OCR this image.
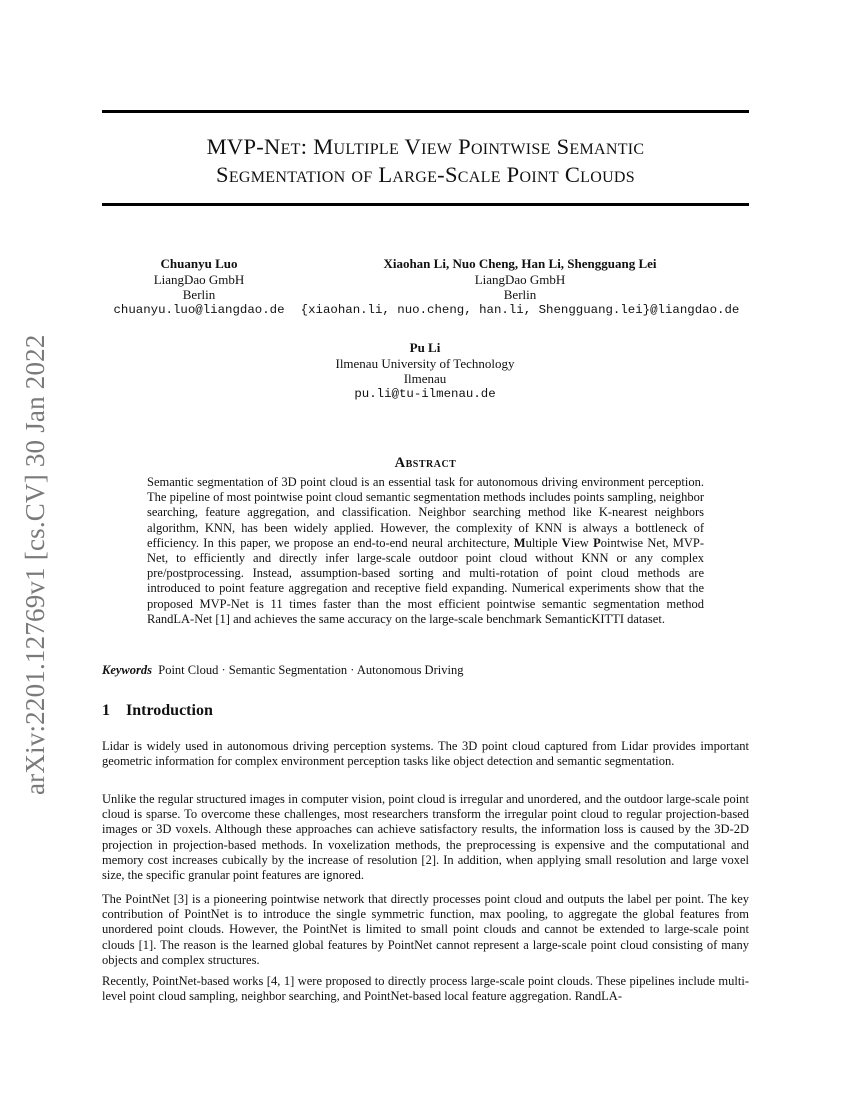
arXiv:2201.12769v1 [cs.CV] 30 Jan 2022
MVP-Net: Multiple View Pointwise Semantic
Segmentation of Large-Scale Point Clouds
Chuanyu Luo
LiangDao GmbH
Berlin
chuanyu.luo@liangdao.de
Xiaohan Li, Nuo Cheng, Han Li, Shengguang Lei
LiangDao GmbH
Berlin
{xiaohan.li, nuo.cheng, han.li, Shengguang.lei}@liangdao.de
Pu Li
Ilmenau University of Technology
Ilmenau
pu.li@tu-ilmenau.de
Abstract
Semantic segmentation of 3D point cloud is an essential task for autonomous driving environment perception. The pipeline of most pointwise point cloud semantic segmentation methods includes points sampling, neighbor searching, feature aggregation, and classification. Neighbor searching method like K-nearest neighbors algorithm, KNN, has been widely applied. However, the complexity of KNN is always a bottleneck of efficiency. In this paper, we propose an end-to-end neural architecture, Multiple View Pointwise Net, MVP-Net, to efficiently and directly infer large-scale outdoor point cloud without KNN or any complex pre/postprocessing. Instead, assumption-based sorting and multi-rotation of point cloud methods are introduced to point feature aggregation and receptive field expanding. Numerical experiments show that the proposed MVP-Net is 11 times faster than the most efficient pointwise semantic segmentation method RandLA-Net [1] and achieves the same accuracy on the large-scale benchmark SemanticKITTI dataset.
Keywords Point Cloud · Semantic Segmentation · Autonomous Driving
1 Introduction
Lidar is widely used in autonomous driving perception systems. The 3D point cloud captured from Lidar provides important geometric information for complex environment perception tasks like object detection and semantic segmentation.
Unlike the regular structured images in computer vision, point cloud is irregular and unordered, and the outdoor large-scale point cloud is sparse. To overcome these challenges, most researchers transform the irregular point cloud to regular projection-based images or 3D voxels. Although these approaches can achieve satisfactory results, the information loss is caused by the 3D-2D projection in projection-based methods. In voxelization methods, the preprocessing is expensive and the computational and memory cost increases cubically by the increase of resolution [2]. In addition, when applying small resolution and large voxel size, the specific granular point features are ignored.
The PointNet [3] is a pioneering pointwise network that directly processes point cloud and outputs the label per point. The key contribution of PointNet is to introduce the single symmetric function, max pooling, to aggregate the global features from unordered point clouds. However, the PointNet is limited to small point clouds and cannot be extended to large-scale point clouds [1]. The reason is the learned global features by PointNet cannot represent a large-scale point cloud consisting of many objects and complex structures.
Recently, PointNet-based works [4, 1] were proposed to directly process large-scale point clouds. These pipelines include multi-level point cloud sampling, neighbor searching, and PointNet-based local feature aggregation. RandLA-
